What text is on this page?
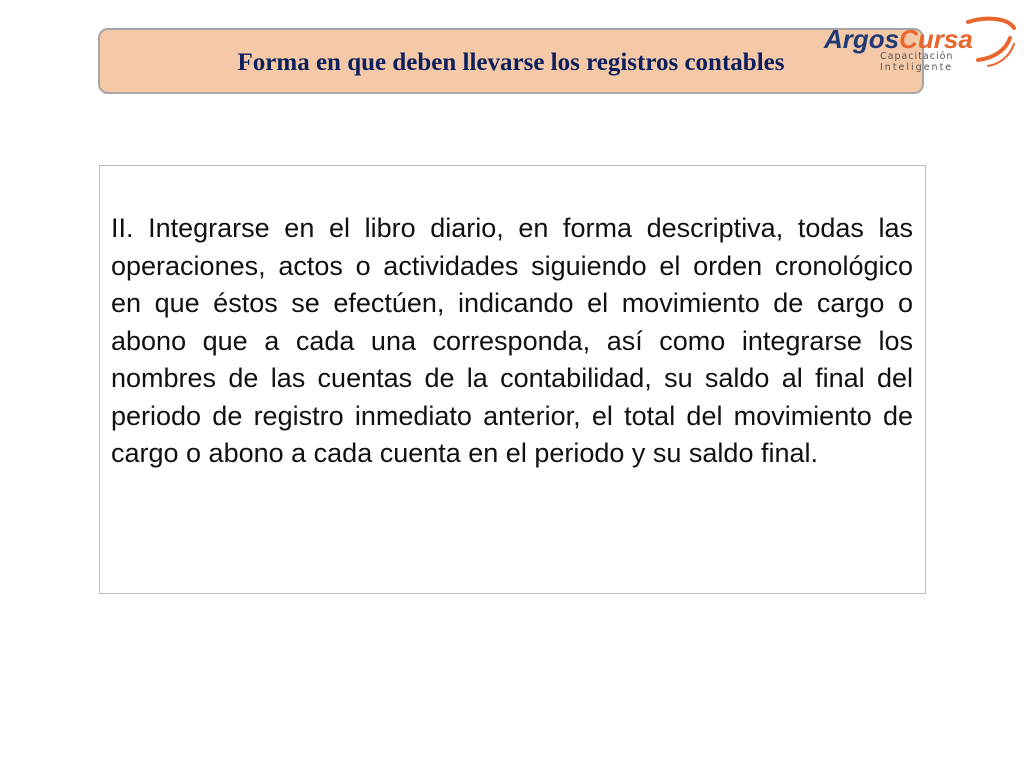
Forma en que deben llevarse los registros contables
ArgosCursa
Capacitación
Inteligente

II. Integrarse en el libro diario, en forma descriptiva, todas las operaciones, actos o actividades siguiendo el orden cronológico en que éstos se efectúen, indicando el movimiento de cargo o abono que a cada una corresponda, así como integrarse los nombres de las cuentas de la contabilidad, su saldo al final del periodo de registro inmediato anterior, el total del movimiento de cargo o abono a cada cuenta en el periodo y su saldo final.
